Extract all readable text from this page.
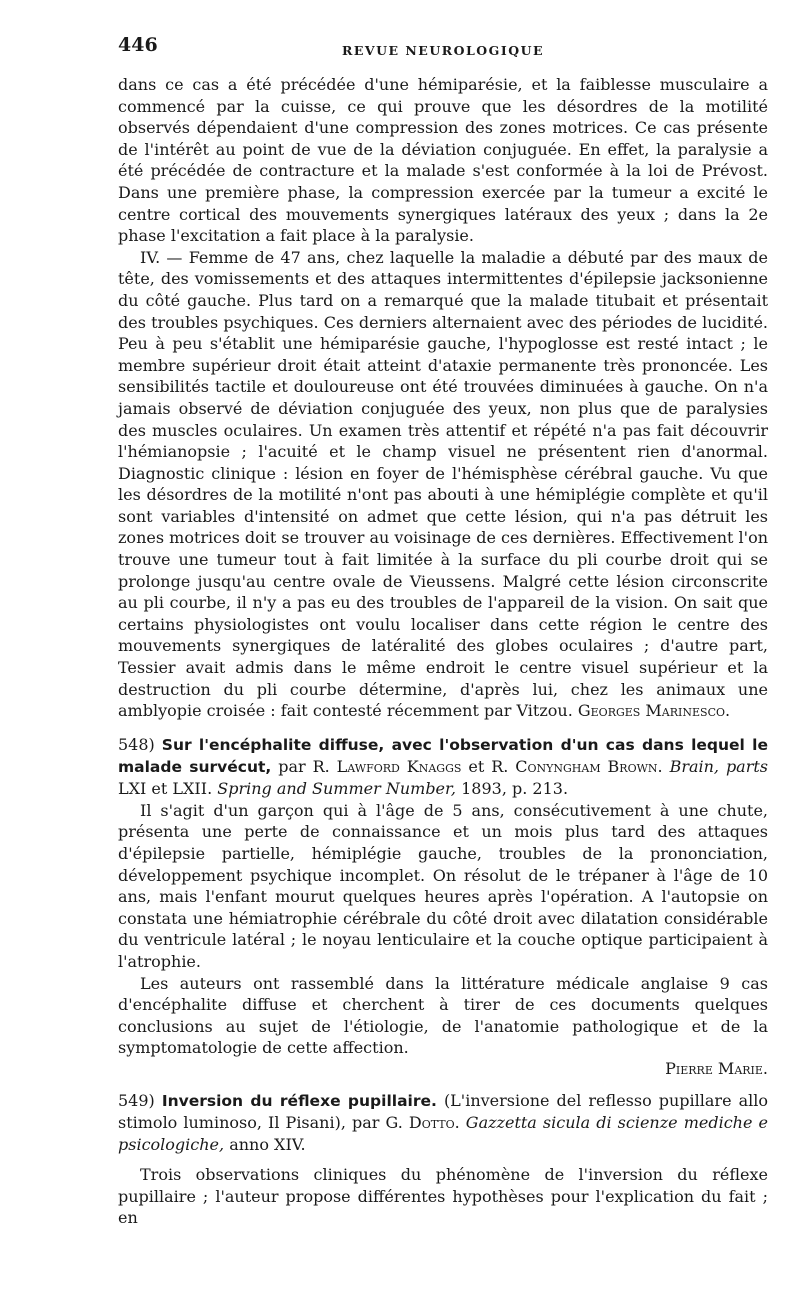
446	REVUE NEUROLOGIQUE

dans ce cas a été précédée d'une hémiparésie, et la faiblesse musculaire a commencé par la cuisse, ce qui prouve que les désordres de la motilité observés dépendaient d'une compression des zones motrices. Ce cas présente de l'intérêt au point de vue de la déviation conjuguée. En effet, la paralysie a été précédée de contracture et la malade s'est conformée à la loi de Prévost. Dans une première phase, la compression exercée par la tumeur a excité le centre cortical des mouvements synergiques latéraux des yeux ; dans la 2e phase l'excitation a fait place à la paralysie.

IV. — Femme de 47 ans, chez laquelle la maladie a débuté par des maux de tête, des vomissements et des attaques intermittentes d'épilepsie jacksonienne du côté gauche. Plus tard on a remarqué que la malade titubait et présentait des troubles psychiques. Ces derniers alternaient avec des périodes de lucidité. Peu à peu s'établit une hémiparésie gauche, l'hypoglosse est resté intact ; le membre supérieur droit était atteint d'ataxie permanente très prononcée. Les sensibilités tactile et douloureuse ont été trouvées diminuées à gauche. On n'a jamais observé de déviation conjuguée des yeux, non plus que de paralysies des muscles oculaires. Un examen très attentif et répété n'a pas fait découvrir l'hémianopsie ; l'acuité et le champ visuel ne présentent rien d'anormal. Diagnostic clinique : lésion en foyer de l'hémisphèse cérébral gauche. Vu que les désordres de la motilité n'ont pas abouti à une hémiplégie complète et qu'il sont variables d'intensité on admet que cette lésion, qui n'a pas détruit les zones motrices doit se trouver au voisinage de ces dernières. Effectivement l'on trouve une tumeur tout à fait limitée à la surface du pli courbe droit qui se prolonge jusqu'au centre ovale de Vieussens. Malgré cette lésion circonscrite au pli courbe, il n'y a pas eu des troubles de l'appareil de la vision. On sait que certains physiologistes ont voulu localiser dans cette région le centre des mouvements synergiques de latéralité des globes oculaires ; d'autre part, Tessier avait admis dans le même endroit le centre visuel supérieur et la destruction du pli courbe détermine, d'après lui, chez les animaux une amblyopie croisée : fait contesté récemment par Vitzou. Georges Marinesco.

548) Sur l'encéphalite diffuse, avec l'observation d'un cas dans lequel le malade survécut, par R. Lawford Knaggs et R. Conyngham Brown. Brain, parts LXI et LXII. Spring and Summer Number, 1893, p. 213.

Il s'agit d'un garçon qui à l'âge de 5 ans, consécutivement à une chute, présenta une perte de connaissance et un mois plus tard des attaques d'épilepsie partielle, hémiplégie gauche, troubles de la prononciation, développement psychique incomplet. On résolut de le trépaner à l'âge de 10 ans, mais l'enfant mourut quelques heures après l'opération. A l'autopsie on constata une hémiatrophie cérébrale du côté droit avec dilatation considérable du ventricule latéral ; le noyau lenticulaire et la couche optique participaient à l'atrophie.

Les auteurs ont rassemblé dans la littérature médicale anglaise 9 cas d'encéphalite diffuse et cherchent à tirer de ces documents quelques conclusions au sujet de l'étiologie, de l'anatomie pathologique et de la symptomatologie de cette affection.

Pierre Marie.

549) Inversion du réflexe pupillaire. (L'inversione del reflesso pupillare allo stimolo luminoso, Il Pisani), par G. Dotto. Gazzetta sicula di scienze mediche e psicologiche, anno XIV.

Trois observations cliniques du phénomène de l'inversion du réflexe pupillaire ; l'auteur propose différentes hypothèses pour l'explication du fait ; en
